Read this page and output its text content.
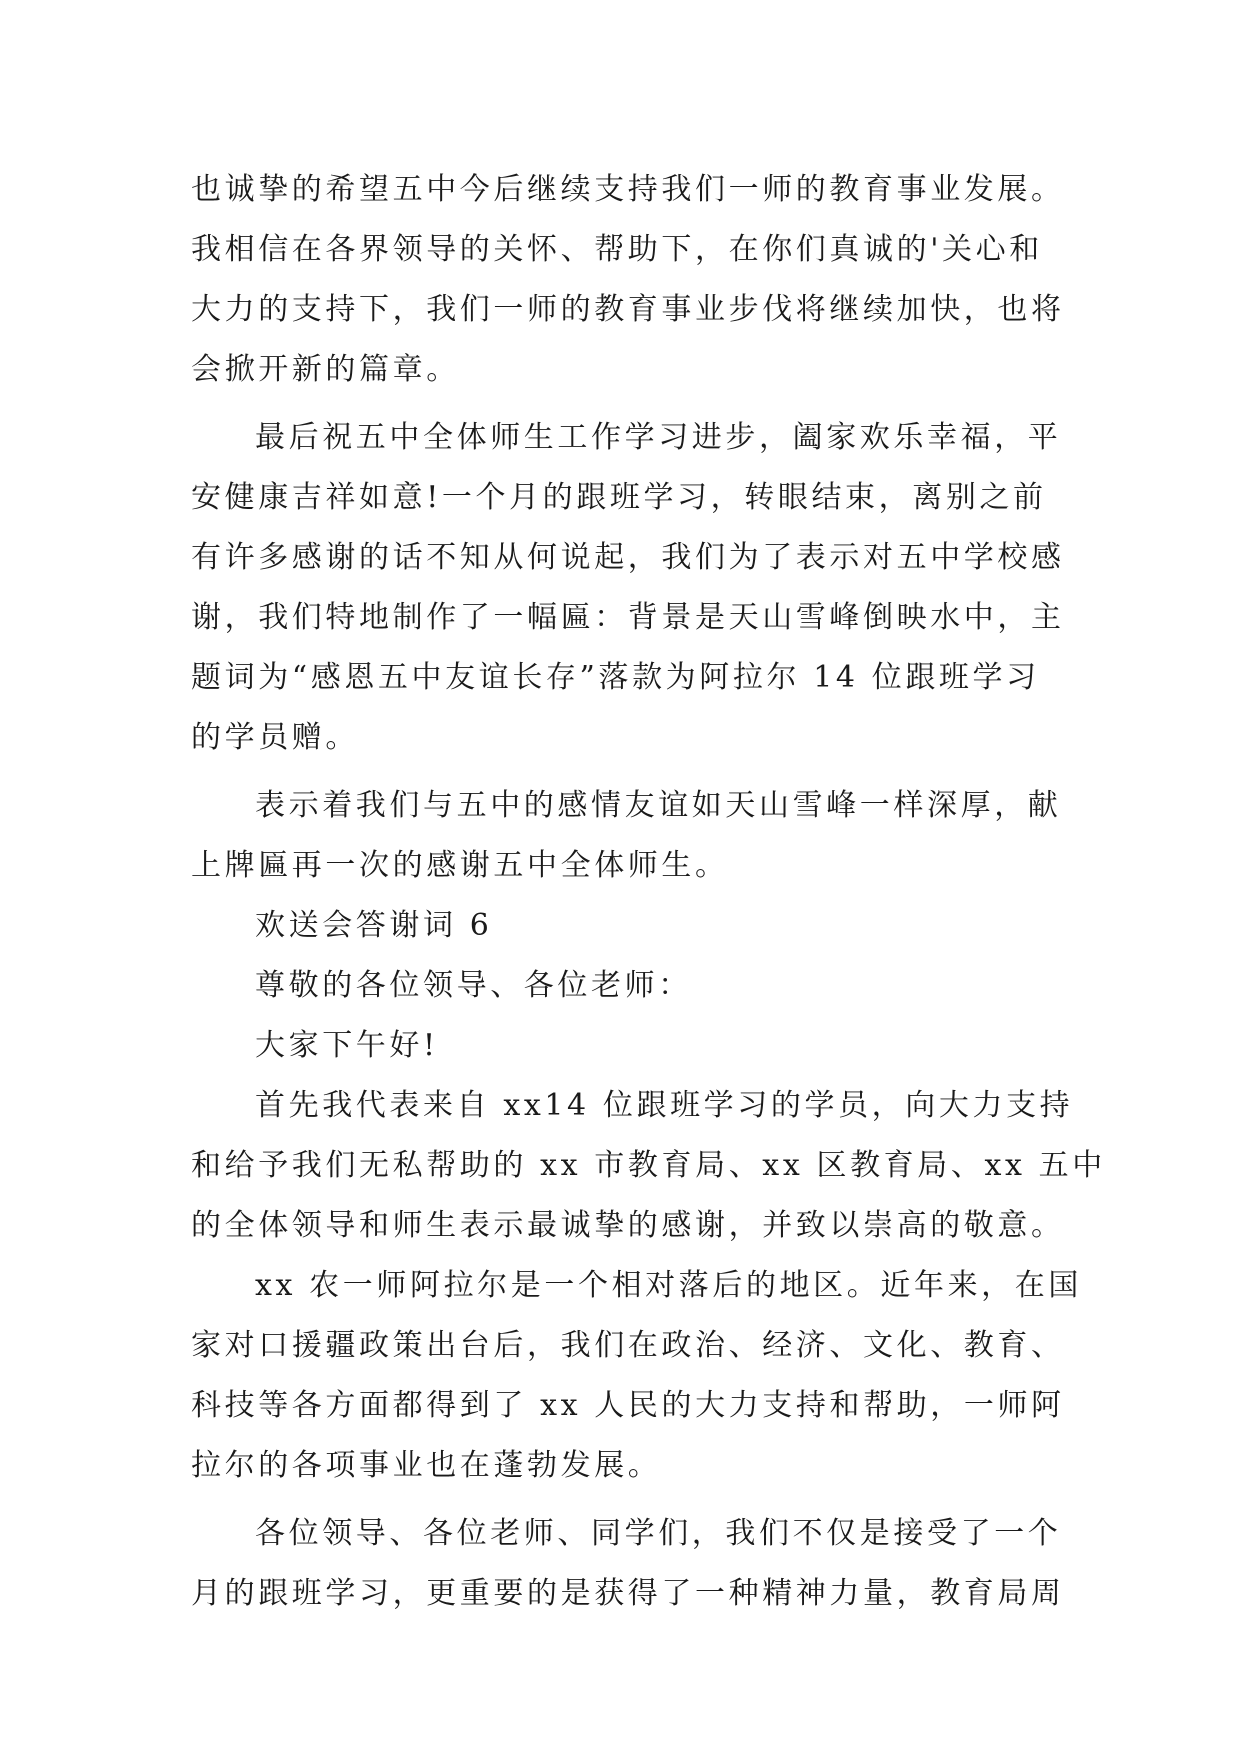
也诚挚的希望五中今后继续支持我们一师的教育事业发展。
我相信在各界领导的关怀、帮助下，在你们真诚的'关心和
大力的支持下，我们一师的教育事业步伐将继续加快，也将
会掀开新的篇章。
最后祝五中全体师生工作学习进步，阖家欢乐幸福，平
安健康吉祥如意!一个月的跟班学习，转眼结束，离别之前
有许多感谢的话不知从何说起，我们为了表示对五中学校感
谢，我们特地制作了一幅匾：背景是天山雪峰倒映水中，主
题词为“感恩五中友谊长存”落款为阿拉尔 14 位跟班学习
的学员赠。
表示着我们与五中的感情友谊如天山雪峰一样深厚，献
上牌匾再一次的感谢五中全体师生。
欢送会答谢词 6
尊敬的各位领导、各位老师：
大家下午好!
首先我代表来自 xx14 位跟班学习的学员，向大力支持
和给予我们无私帮助的 xx 市教育局、xx 区教育局、xx 五中
的全体领导和师生表示最诚挚的感谢，并致以崇高的敬意。
xx 农一师阿拉尔是一个相对落后的地区。近年来，在国
家对口援疆政策出台后，我们在政治、经济、文化、教育、
科技等各方面都得到了 xx 人民的大力支持和帮助，一师阿
拉尔的各项事业也在蓬勃发展。
各位领导、各位老师、同学们，我们不仅是接受了一个
月的跟班学习，更重要的是获得了一种精神力量，教育局周
